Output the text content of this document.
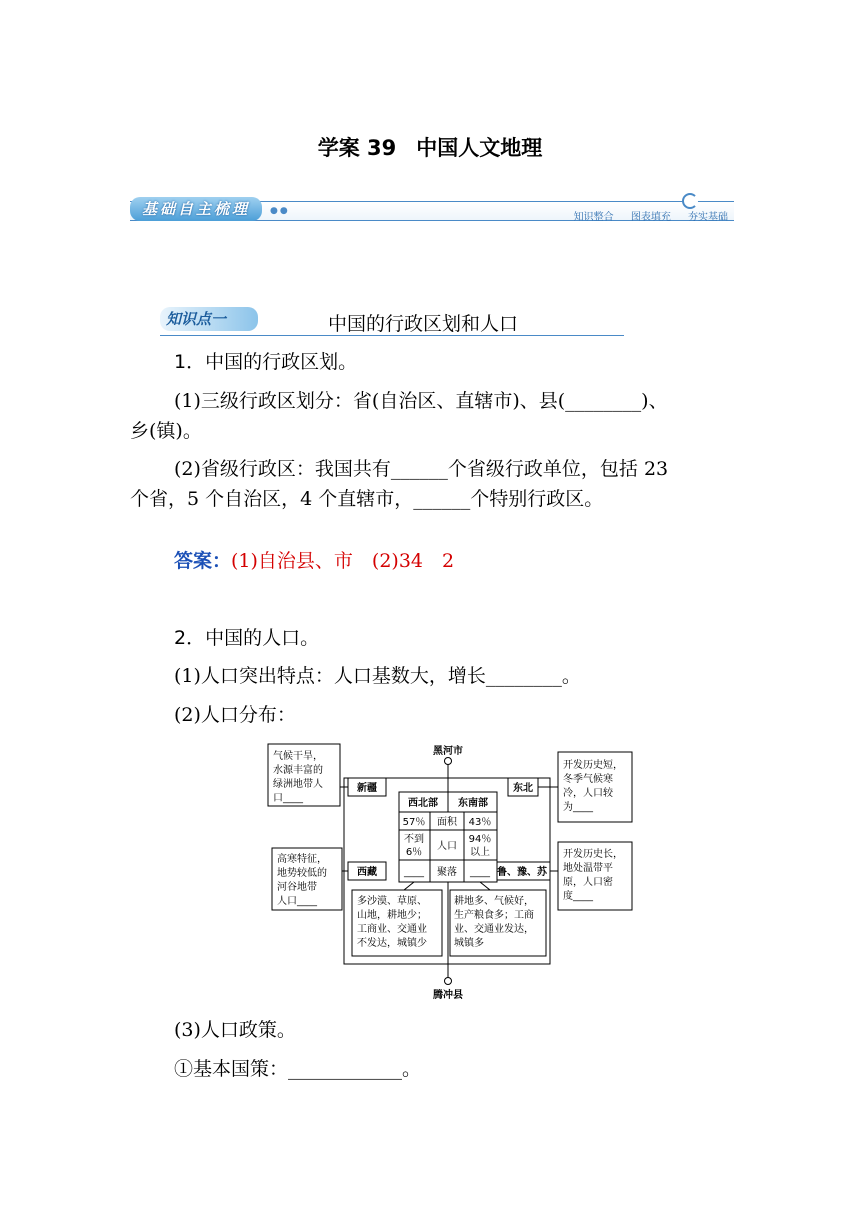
学案 39 中国人文地理
基础自主梳理	●●
知识整合 图表填充 夯实基础
知识点一	中国的行政区划和人口
1．中国的行政区划。
(1)三级行政区划分：省(自治区、直辖市)、县(________)、
乡(镇)。
(2)省级行政区：我国共有______个省级行政单位，包括 23
个省，5 个自治区，4 个直辖市，______个特别行政区。
答案：(1)自治县、市　(2)34　2
2．中国的人口。
(1)人口突出特点：人口基数大，增长________。
(2)人口分布：
黑河市
腾冲县
新疆
西藏
东北
鲁、豫、苏
气候干旱，
水源丰富的
绿洲地带人
口____
高寒特征，
地势较低的
河谷地带
人口____
开发历史短，
冬季气候寒
冷，人口较
为____
开发历史长，
地处温带平
原，人口密
度____
西北部 东南部
57％ 面积 43％
不到
6％
人口
94％
以上
____ 聚落 ____
多沙漠、草原、
山地，耕地少；
工商业、交通业
不发达，城镇少
耕地多、气候好，
生产粮食多；工商
业、交通业发达，
城镇多
(3)人口政策。
①基本国策：____________。
